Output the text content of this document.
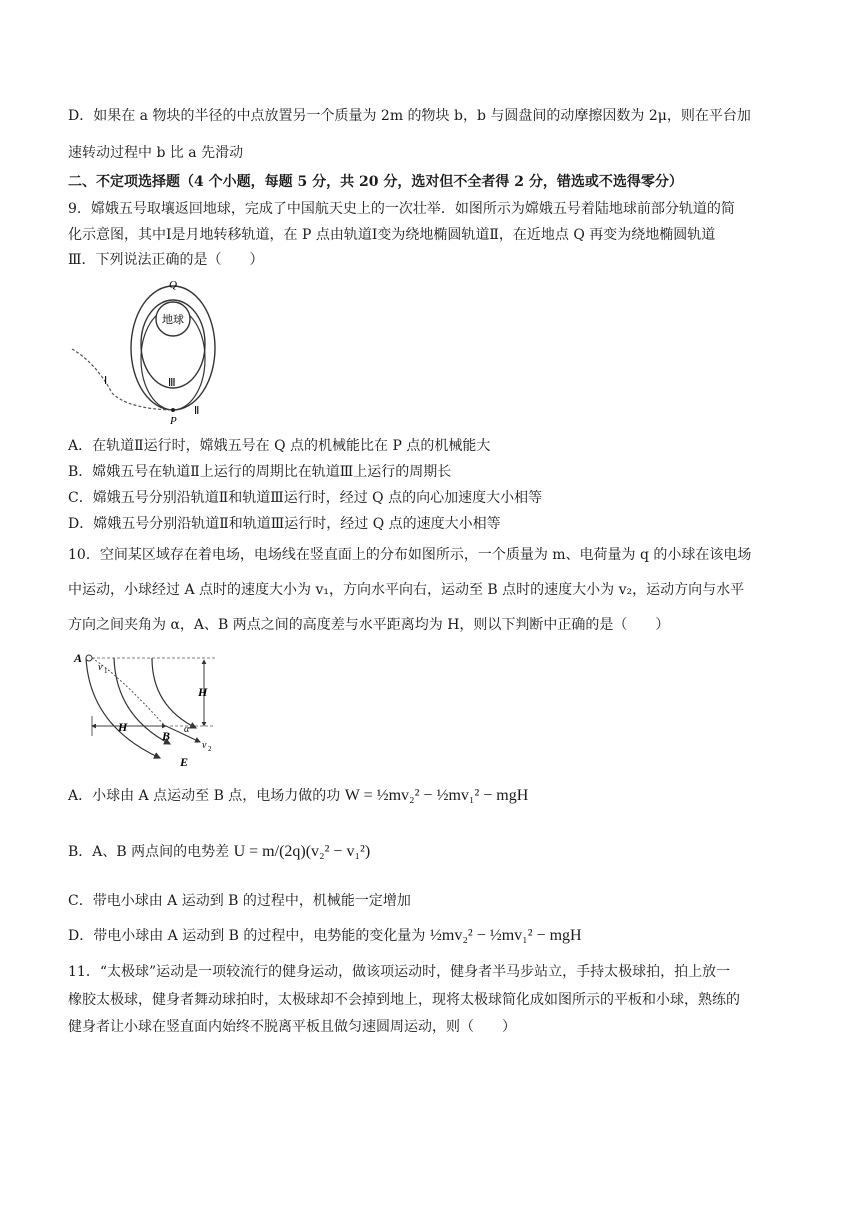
D．如果在 a 物块的半径的中点放置另一个质量为 2m 的物块 b，b 与圆盘间的动摩擦因数为 2μ，则在平台加
速转动过程中 b 比 a 先滑动
二、不定项选择题（4 个小题，每题 5 分，共 20 分，选对但不全者得 2 分，错选或不选得零分）
9．嫦娥五号取壤返回地球，完成了中国航天史上的一次壮举．如图所示为嫦娥五号着陆地球前部分轨道的简
化示意图，其中Ⅰ是月地转移轨道，在 P 点由轨道Ⅰ变为绕地椭圆轨道Ⅱ，在近地点 Q 再变为绕地椭圆轨道
Ⅲ．下列说法正确的是（　　）
Q
地球
Ⅰ	Ⅲ
Ⅱ
P
A．在轨道Ⅱ运行时，嫦娥五号在 Q 点的机械能比在 P 点的机械能大
B．嫦娥五号在轨道Ⅱ上运行的周期比在轨道Ⅲ上运行的周期长
C．嫦娥五号分别沿轨道Ⅱ和轨道Ⅲ运行时，经过 Q 点的向心加速度大小相等
D．嫦娥五号分别沿轨道Ⅱ和轨道Ⅲ运行时，经过 Q 点的速度大小相等
10．空间某区域存在着电场，电场线在竖直面上的分布如图所示，一个质量为 m、电荷量为 q 的小球在该电场
中运动，小球经过 A 点时的速度大小为 v₁，方向水平向右，运动至 B 点时的速度大小为 v₂，运动方向与水平
方向之间夹角为 α，A、B 两点之间的高度差与水平距离均为 H，则以下判断中正确的是（　　）
A
v 1
H
H
B α
v 2
E
A．小球由 A 点运动至 B 点，电场力做的功 W = ½mv₂² − ½mv₁² − mgH
B．A、B 两点间的电势差 U = m/(2q)(v₂² − v₁²)
C．带电小球由 A 运动到 B 的过程中，机械能一定增加
D．带电小球由 A 运动到 B 的过程中，电势能的变化量为 ½mv₂² − ½mv₁² − mgH
11．“太极球”运动是一项较流行的健身运动，做该项运动时，健身者半马步站立，手持太极球拍，拍上放一
橡胶太极球，健身者舞动球拍时，太极球却不会掉到地上，现将太极球简化成如图所示的平板和小球，熟练的
健身者让小球在竖直面内始终不脱离平板且做匀速圆周运动，则（　　）
